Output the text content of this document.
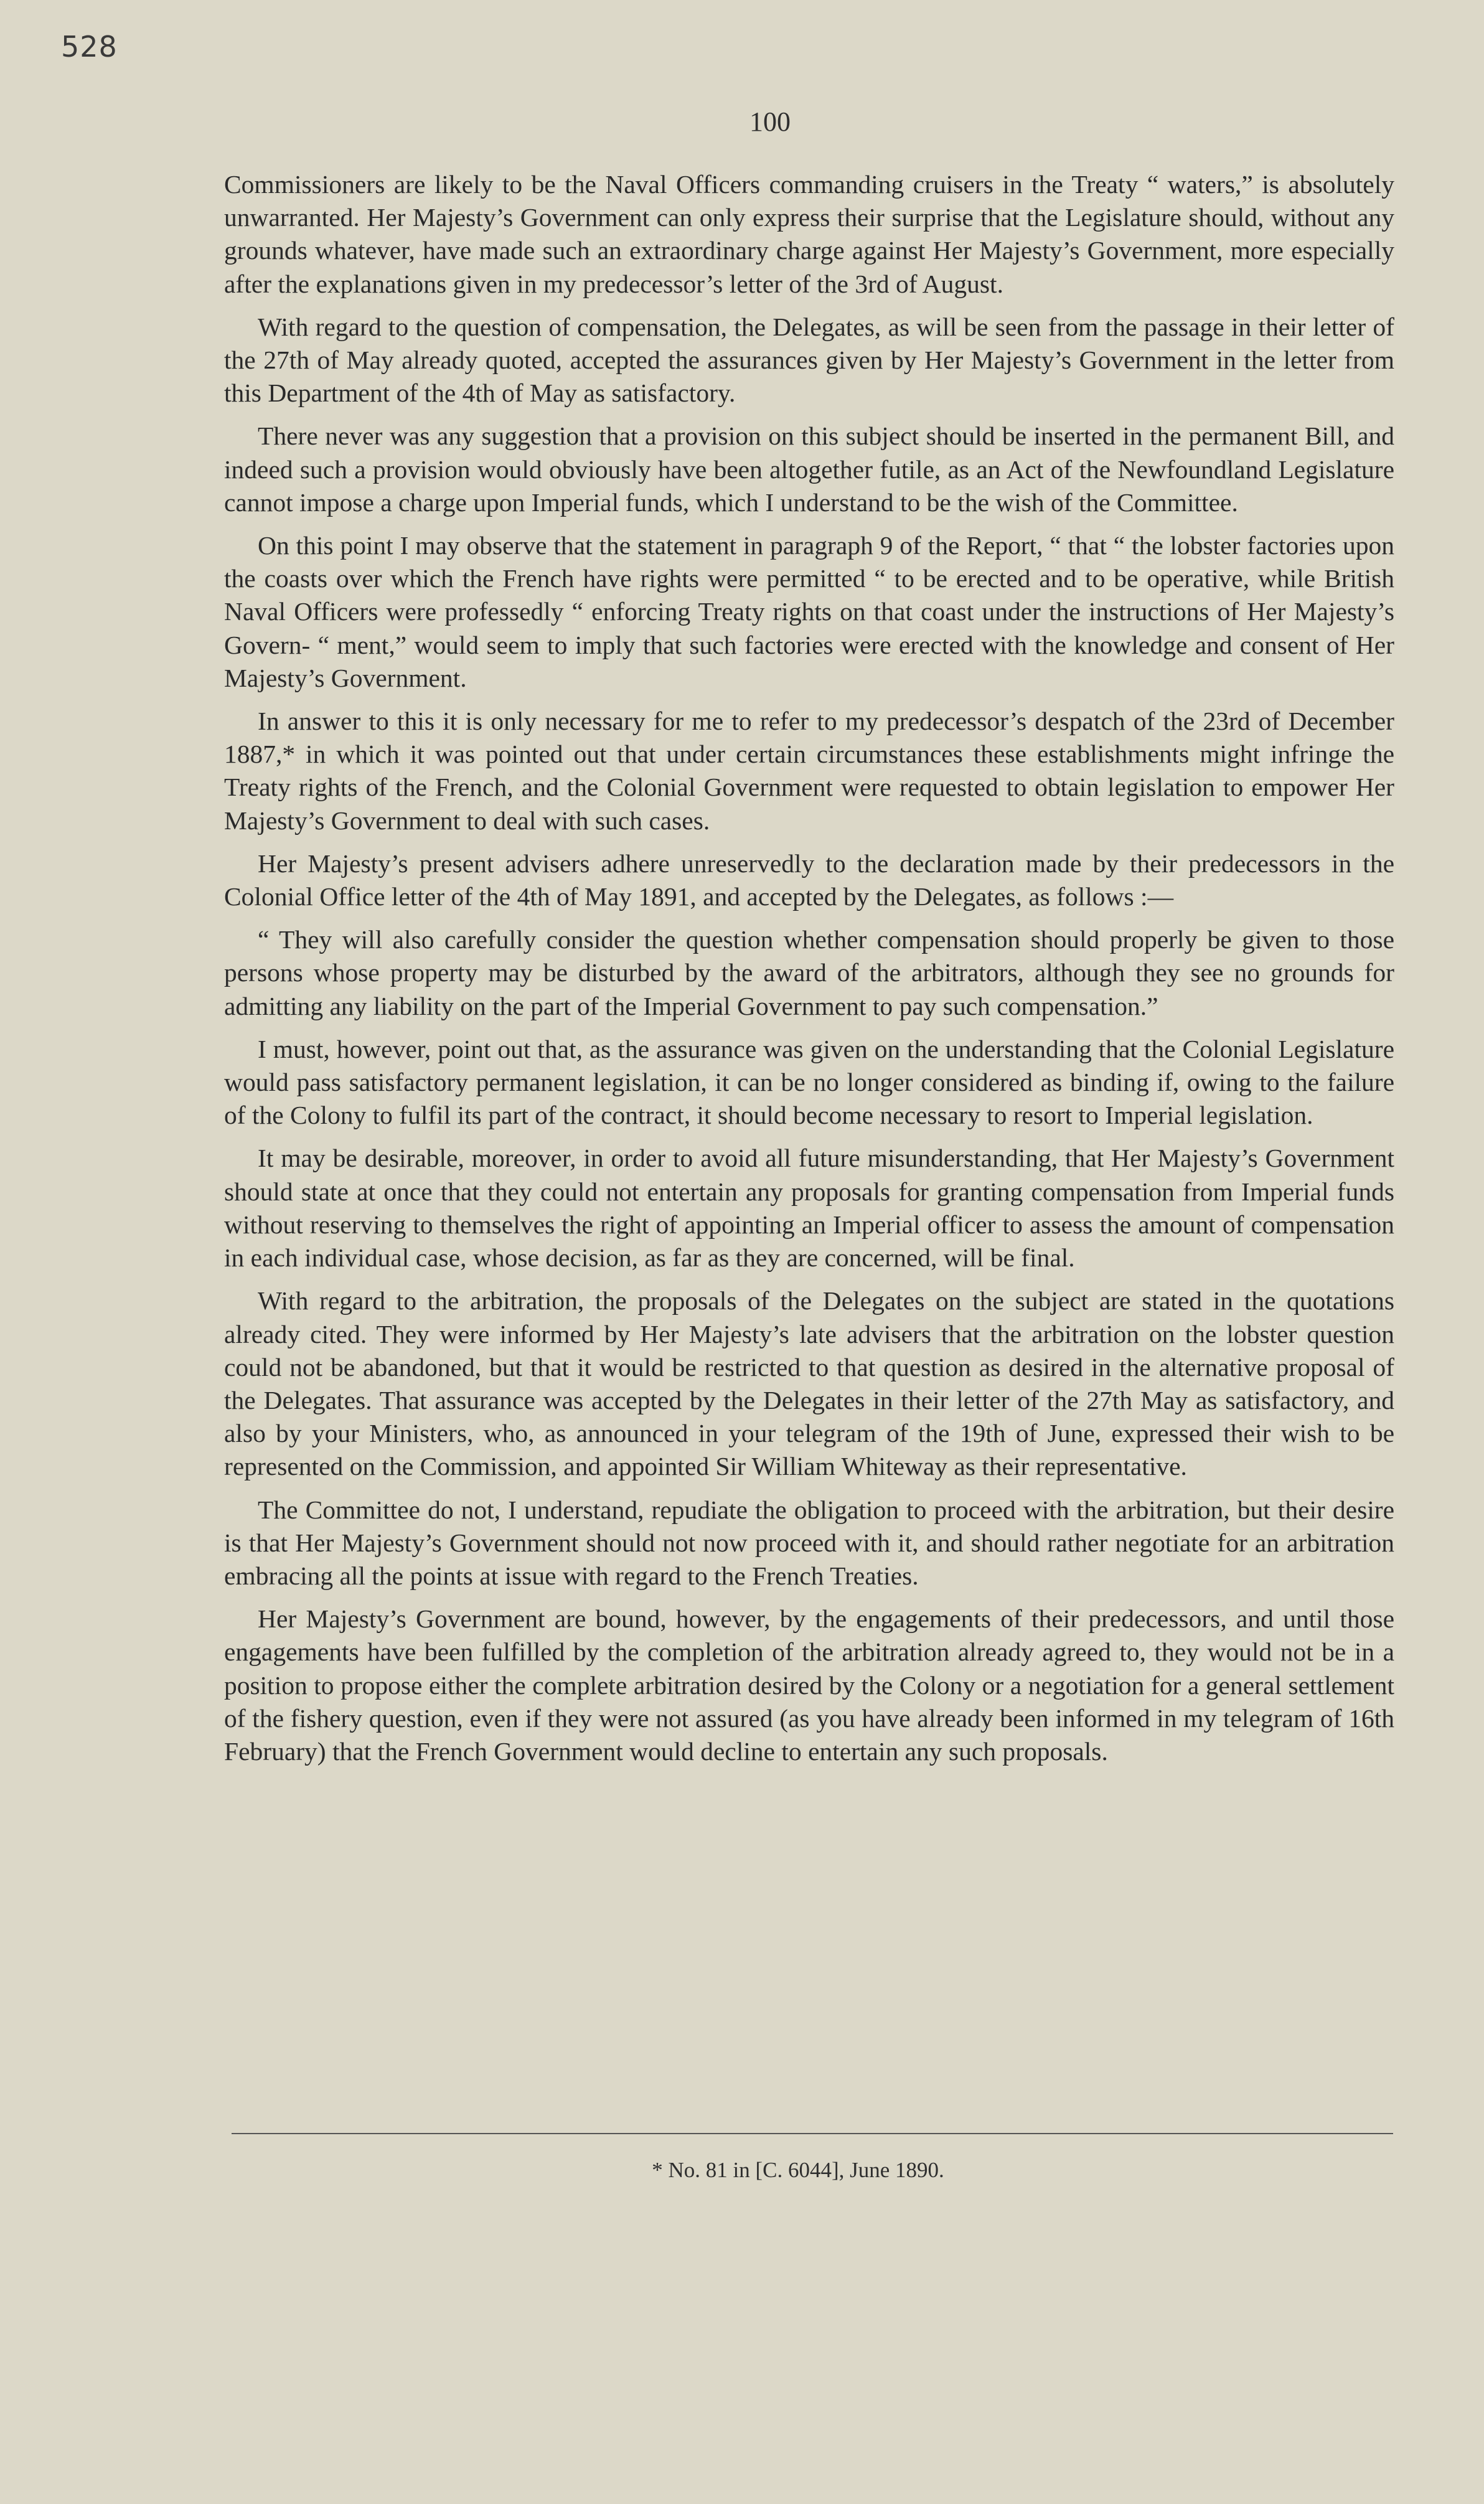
528
100

Commissioners are likely to be the Naval Officers commanding cruisers in the Treaty “ waters,” is absolutely unwarranted. Her Majesty’s Government can only express their surprise that the Legislature should, without any grounds whatever, have made such an extraordinary charge against Her Majesty’s Government, more especially after the explanations given in my predecessor’s letter of the 3rd of August.

With regard to the question of compensation, the Delegates, as will be seen from the passage in their letter of the 27th of May already quoted, accepted the assurances given by Her Majesty’s Government in the letter from this Department of the 4th of May as satisfactory.

There never was any suggestion that a provision on this subject should be inserted in the permanent Bill, and indeed such a provision would obviously have been altogether futile, as an Act of the Newfoundland Legislature cannot impose a charge upon Imperial funds, which I understand to be the wish of the Committee.

On this point I may observe that the statement in paragraph 9 of the Report, “ that “ the lobster factories upon the coasts over which the French have rights were permitted “ to be erected and to be operative, while British Naval Officers were professedly “ enforcing Treaty rights on that coast under the instructions of Her Majesty’s Govern- “ ment,” would seem to imply that such factories were erected with the knowledge and consent of Her Majesty’s Government.

In answer to this it is only necessary for me to refer to my predecessor’s despatch of the 23rd of December 1887,* in which it was pointed out that under certain circumstances these establishments might infringe the Treaty rights of the French, and the Colonial Government were requested to obtain legislation to empower Her Majesty’s Government to deal with such cases.

Her Majesty’s present advisers adhere unreservedly to the declaration made by their predecessors in the Colonial Office letter of the 4th of May 1891, and accepted by the Delegates, as follows :—

“ They will also carefully consider the question whether compensation should properly be given to those persons whose property may be disturbed by the award of the arbitrators, although they see no grounds for admitting any liability on the part of the Imperial Government to pay such compensation.”

I must, however, point out that, as the assurance was given on the understanding that the Colonial Legislature would pass satisfactory permanent legislation, it can be no longer considered as binding if, owing to the failure of the Colony to fulfil its part of the contract, it should become necessary to resort to Imperial legislation.

It may be desirable, moreover, in order to avoid all future misunderstanding, that Her Majesty’s Government should state at once that they could not entertain any proposals for granting compensation from Imperial funds without reserving to themselves the right of appointing an Imperial officer to assess the amount of compensation in each individual case, whose decision, as far as they are concerned, will be final.

With regard to the arbitration, the proposals of the Delegates on the subject are stated in the quotations already cited. They were informed by Her Majesty’s late advisers that the arbitration on the lobster question could not be abandoned, but that it would be restricted to that question as desired in the alternative proposal of the Delegates. That assurance was accepted by the Delegates in their letter of the 27th May as satisfactory, and also by your Ministers, who, as announced in your telegram of the 19th of June, expressed their wish to be represented on the Commission, and appointed Sir William Whiteway as their representative.

The Committee do not, I understand, repudiate the obligation to proceed with the arbitration, but their desire is that Her Majesty’s Government should not now proceed with it, and should rather negotiate for an arbitration embracing all the points at issue with regard to the French Treaties.

Her Majesty’s Government are bound, however, by the engagements of their predecessors, and until those engagements have been fulfilled by the completion of the arbitration already agreed to, they would not be in a position to propose either the complete arbitration desired by the Colony or a negotiation for a general settlement of the fishery question, even if they were not assured (as you have already been informed in my telegram of 16th February) that the French Government would decline to entertain any such proposals.

* No. 81 in [C. 6044], June 1890.
